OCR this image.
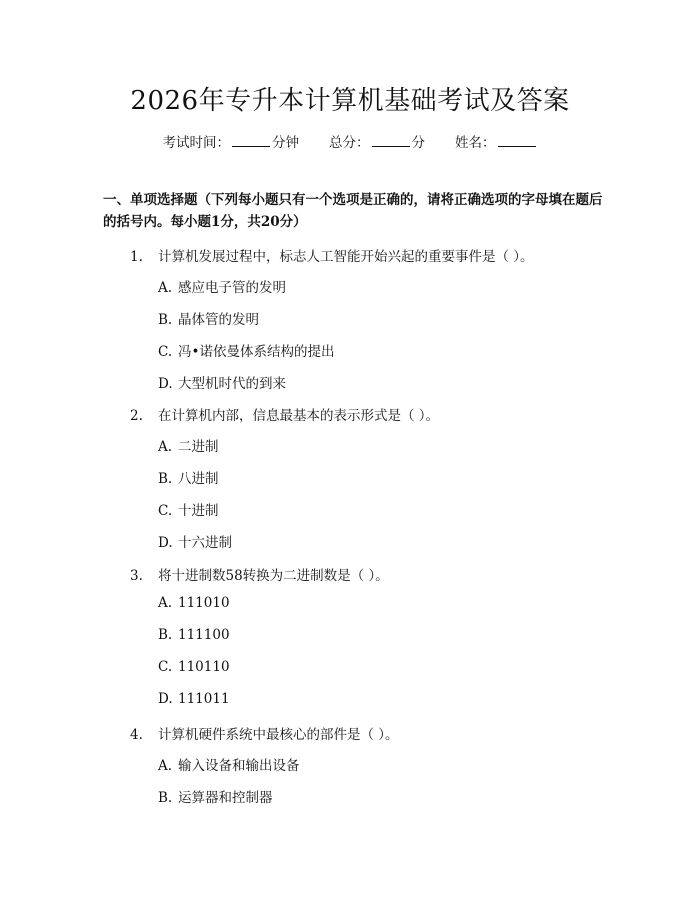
2026年专升本计算机基础考试及答案
考试时间：	分钟 总分：	分 姓名：
一、单项选择题（下列每小题只有一个选项是正确的，请将正确选项的字母填在题后的括号内。每小题1分，共20分）
1. 计算机发展过程中，标志人工智能开始兴起的重要事件是（ ）。
A. 感应电子管的发明
B. 晶体管的发明
C. 冯•诺依曼体系结构的提出
D. 大型机时代的到来
2. 在计算机内部，信息最基本的表示形式是（ ）。
A. 二进制
B. 八进制
C. 十进制
D. 十六进制
3. 将十进制数58转换为二进制数是（ ）。
A. 111010
B. 111100
C. 110110
D. 111011
4. 计算机硬件系统中最核心的部件是（ ）。
A. 输入设备和输出设备
B. 运算器和控制器
